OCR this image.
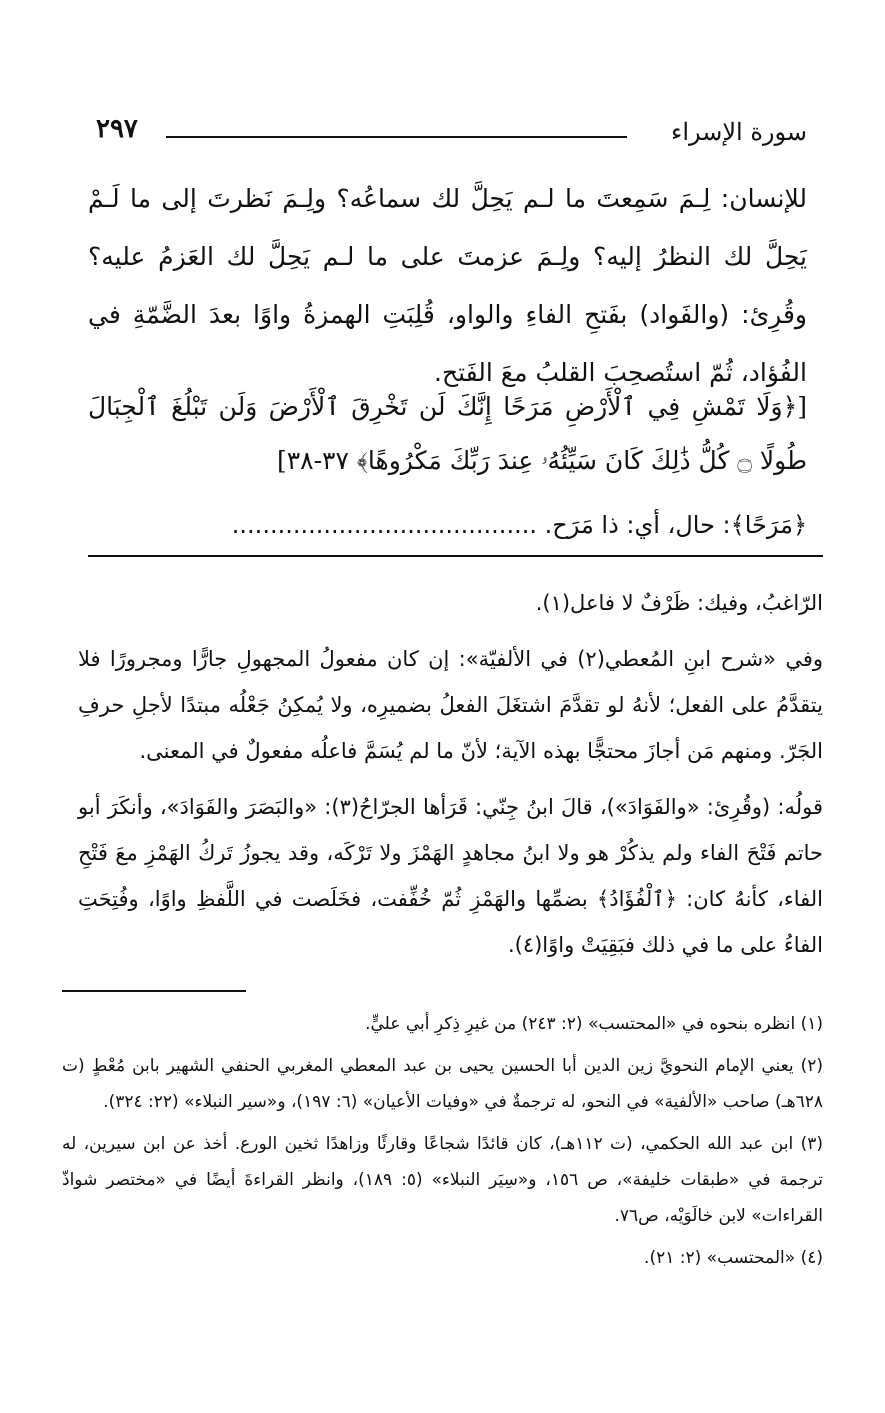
سورة الإسراء
٢٩٧
للإنسان: لِـمَ سَمِعتَ ما لـم يَحِلَّ لك سماعُه؟ ولِـمَ نَظرتَ إلى ما لَـمْ يَحِلَّ لك النظرُ إليه؟ ولِـمَ عزمتَ على ما لـم يَحِلَّ لك العَزمُ عليه؟ وقُرِئ: (والفَواد) بفَتحِ الفاءِ والواو، قُلِبَتِ الهمزةُ واوًا بعدَ الضَّمّةِ في الفُؤاد، ثُمّ استُصحِبَ القلبُ معَ الفَتح.
[﴿وَلَا تَمْشِ فِي ٱلْأَرْضِ مَرَحًا إِنَّكَ لَن تَخْرِقَ ٱلْأَرْضَ وَلَن تَبْلُغَ ٱلْجِبَالَ طُولًا ۝ كُلُّ ذَٰلِكَ كَانَ سَيِّئُهُۥ عِندَ رَبِّكَ مَكْرُوهًا﴾ ٣٧-٣٨]
﴿مَرَحًا﴾: حال، أي: ذا مَرَح. ........................................

الرّاغبُ، وفيك: ظَرْفٌ لا فاعل(١).

وفي «شرح ابنِ المُعطي(٢) في الألفيّة»: إن كان مفعولُ المجهولِ جارًّا ومجرورًا فلا يتقدَّمُ على الفعل؛ لأنهُ لو تقدَّمَ اشتغَلَ الفعلُ بضميرِه، ولا يُمكِنُ جَعْلُه مبتدًا لأجلِ حرفِ الجَرّ. ومنهم مَن أجازَ محتجًّا بهذه الآية؛ لأنّ ما لم يُسَمَّ فاعلُه مفعولٌ في المعنى.

قولُه: (وقُرِئ: «والفَوَادَ»)، قالَ ابنُ جِنّي: قَرَأها الجرّاحُ(٣): «والبَصَرَ والفَوَادَ»، وأنكَرَ أبو حاتم فَتْحَ الفاء ولم يذكُرْ هو ولا ابنُ مجاهدٍ الهَمْزَ ولا تَرْكَه، وقد يجوزُ تَركُ الهَمْزِ معَ فَتْحِ الفاء، كأنهُ كان: ﴿ٱلْفُؤَادُ﴾ بضمِّها والهَمْزِ ثُمّ خُفِّفت، فخَلَصت في اللَّفظِ واوًا، وفُتِحَتِ الفاءُ على ما في ذلك فبَقِيَتْ واوًا(٤).

(١) انظره بنحوه في «المحتسب» (٢: ٢٤٣) من غيرِ ذِكرِ أبي عليٍّ.

(٢) يعني الإمام النحويَّ زين الدين أبا الحسين يحيى بن عبد المعطي المغربي الحنفي الشهير بابن مُعْطٍ (ت ٦٢٨هـ) صاحب «الألفية» في النحو، له ترجمةٌ في «وفيات الأعيان» (٦: ١٩٧)، و«سير النبلاء» (٢٢: ٣٢٤).

(٣) ابن عبد الله الحكمي، (ت ١١٢هـ)، كان قائدًا شجاعًا وقارئًا وزاهدًا ثخين الورع. أخذ عن ابن سيرين، له ترجمة في «طبقات خليفة»، ص ١٥٦، و«سِيَر النبلاء» (٥: ١٨٩)، وانظر القراءةَ أيضًا في «مختصر شواذّ القراءات» لابن خالَوَيْه، ص٧٦.

(٤) «المحتسب» (٢: ٢١).
